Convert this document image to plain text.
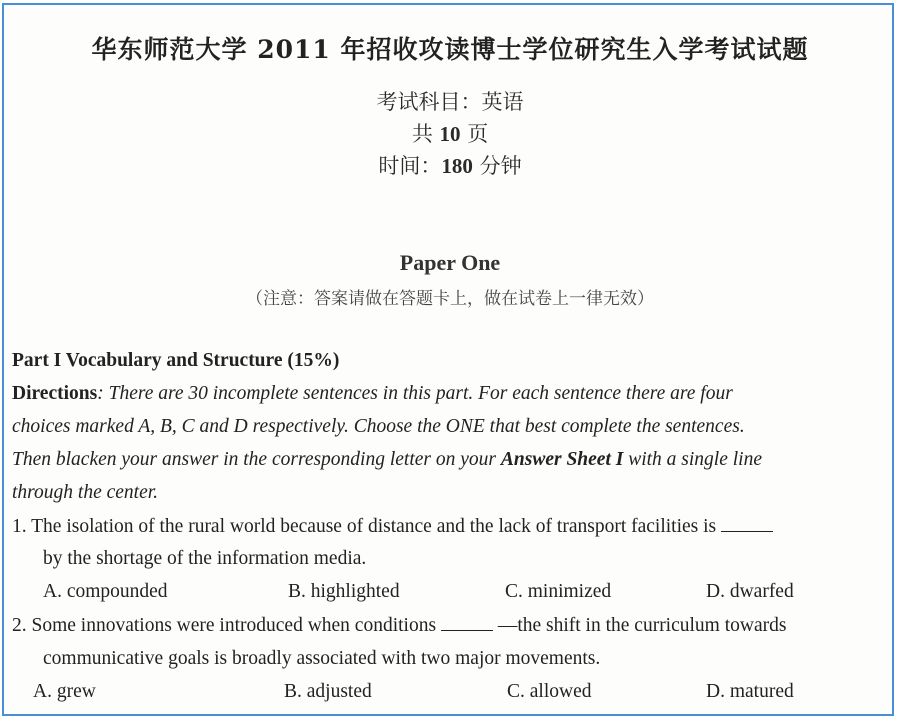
华东师范大学 2011 年招收攻读博士学位研究生入学考试试题
考试科目：英语
共 10 页
时间：180 分钟
Paper One
（注意：答案请做在答题卡上，做在试卷上一律无效）
Part I Vocabulary and Structure (15%)
Directions: There are 30 incomplete sentences in this part. For each sentence there are four
choices marked A, B, C and D respectively. Choose the ONE that best complete the sentences.
Then blacken your answer in the corresponding letter on your Answer Sheet I with a single line
through the center.
1. The isolation of the rural world because of distance and the lack of transport facilities is
by the shortage of the information media.
A. compounded	B. highlighted	C. minimized	D. dwarfed
2. Some innovations were introduced when conditions	—the shift in the curriculum towards
communicative goals is broadly associated with two major movements.
A. grew	B. adjusted	C. allowed	D. matured
